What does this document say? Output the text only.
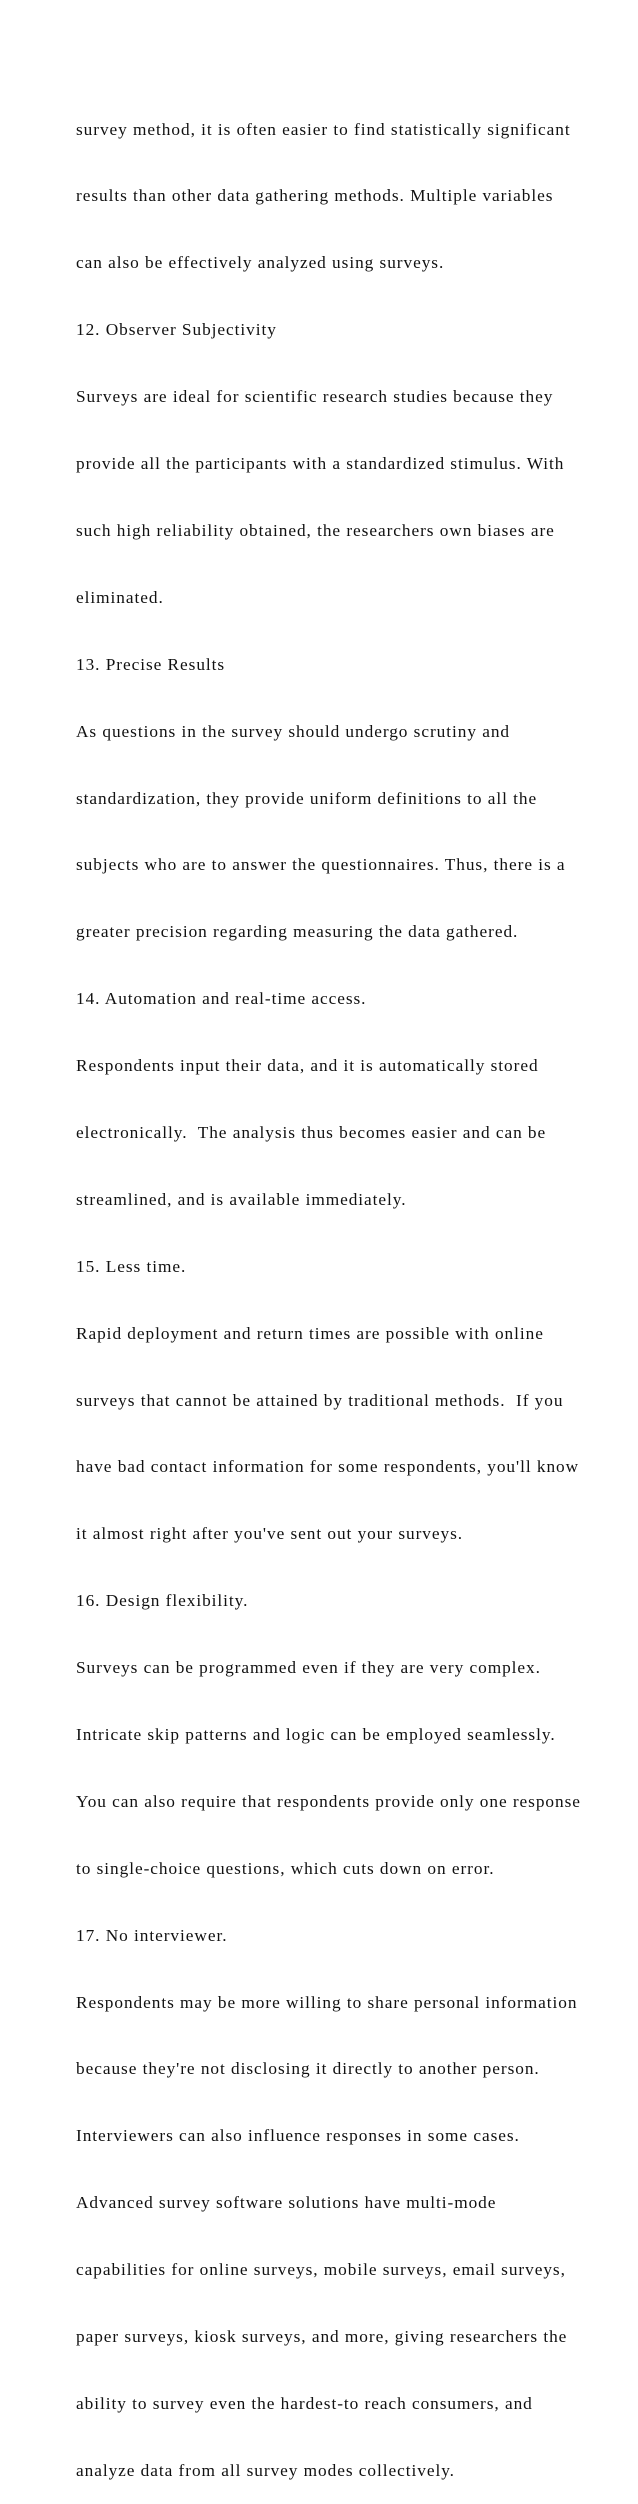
survey method, it is often easier to find statistically significant

results than other data gathering methods. Multiple variables

can also be effectively analyzed using surveys.

12. Observer Subjectivity

Surveys are ideal for scientific research studies because they

provide all the participants with a standardized stimulus. With

such high reliability obtained, the researchers own biases are

eliminated.

13. Precise Results

As questions in the survey should undergo scrutiny and

standardization, they provide uniform definitions to all the

subjects who are to answer the questionnaires. Thus, there is a

greater precision regarding measuring the data gathered.

14. Automation and real-time access.

Respondents input their data, and it is automatically stored

electronically.  The analysis thus becomes easier and can be

streamlined, and is available immediately.

15. Less time.

Rapid deployment and return times are possible with online

surveys that cannot be attained by traditional methods.  If you

have bad contact information for some respondents, you'll know

it almost right after you've sent out your surveys.

16. Design flexibility.

Surveys can be programmed even if they are very complex.

Intricate skip patterns and logic can be employed seamlessly.

You can also require that respondents provide only one response

to single-choice questions, which cuts down on error.

17. No interviewer.

Respondents may be more willing to share personal information

because they're not disclosing it directly to another person.

Interviewers can also influence responses in some cases.

Advanced survey software solutions have multi-mode

capabilities for online surveys, mobile surveys, email surveys,

paper surveys, kiosk surveys, and more, giving researchers the

ability to survey even the hardest-to reach consumers, and

analyze data from all survey modes collectively.
